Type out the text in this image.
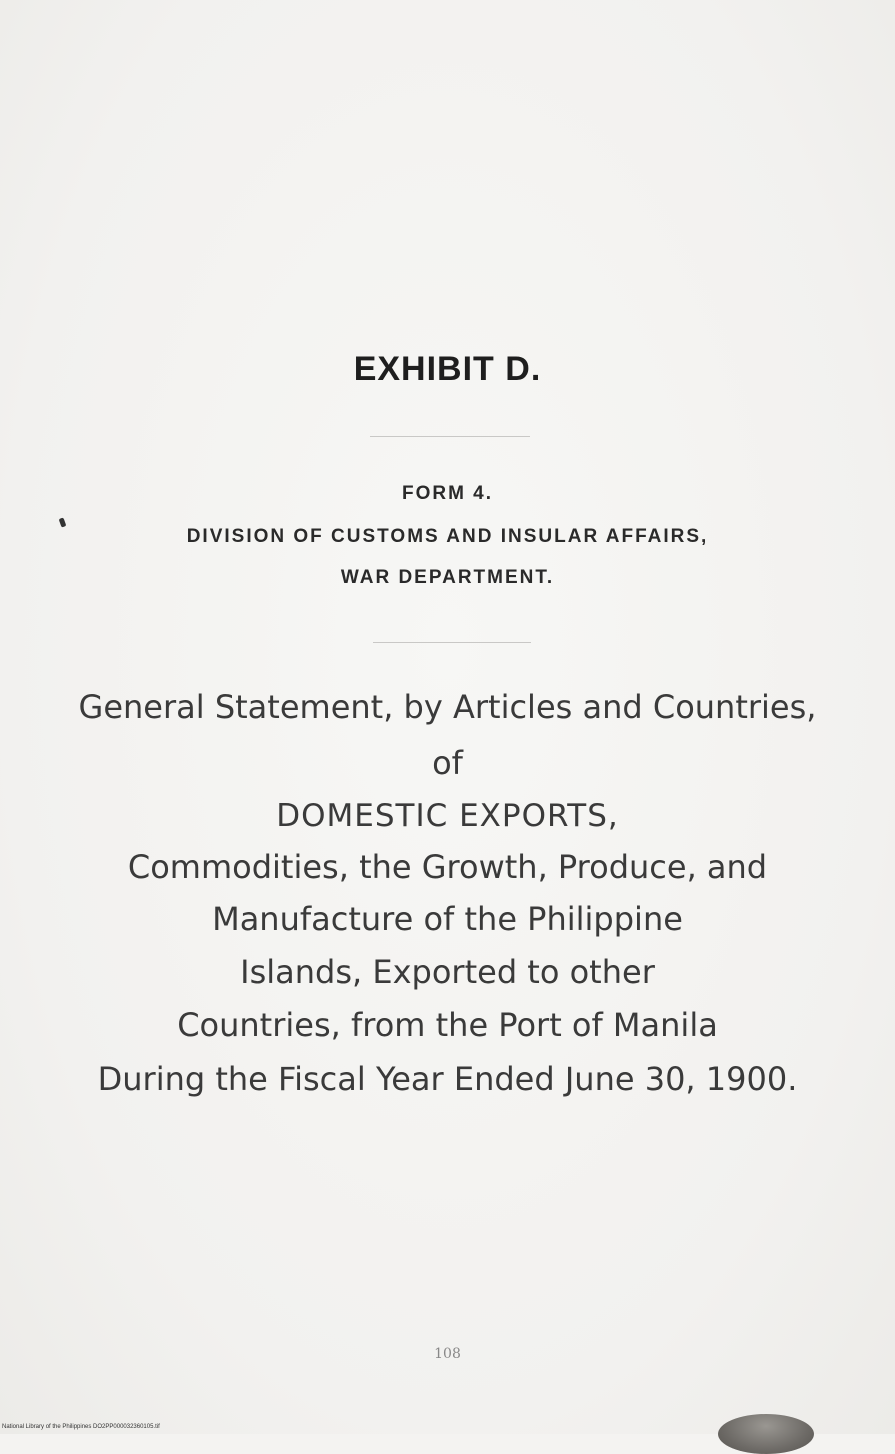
EXHIBIT D.
FORM 4.
DIVISION OF CUSTOMS AND INSULAR AFFAIRS,
WAR DEPARTMENT.
General Statement, by Articles and Countries,
of
DOMESTIC EXPORTS,
Commodities, the Growth, Produce, and
Manufacture of the Philippine
Islands, Exported to other
Countries, from the Port of Manila
During the Fiscal Year Ended June 30, 1900.
108
National Library of the Philippines DO2PP000032360105.tif
